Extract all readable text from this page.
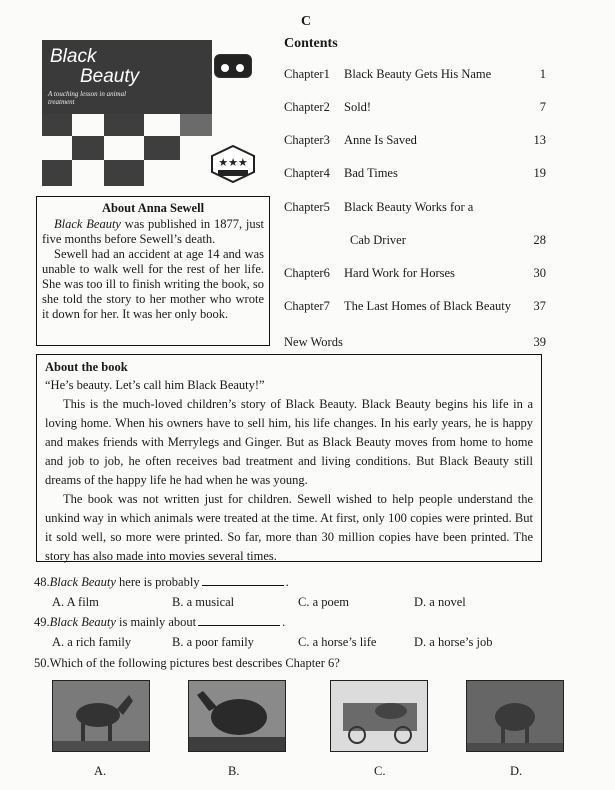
C
Black
Beauty
A touching lesson in animal treatment
★★★
About Anna Sewell

Black Beauty was published in 1877, just five months before Sewell’s death.

Sewell had an accident at age 14 and was unable to walk well for the rest of her life. She was too ill to finish writing the book, so she told the story to her mother who wrote it down for her. It was her only book.

Contents
Chapter1 Black Beauty Gets His Name	1
Chapter2 Sold!	7
Chapter3 Anne Is Saved	13
Chapter4 Bad Times	19
Chapter5 Black Beauty Works for a
Cab Driver	28
Chapter6 Hard Work for Horses	30
Chapter7 The Last Homes of Black Beauty 37
New Words	39
About the book

“He’s beauty. Let’s call him Black Beauty!”

This is the much-loved children’s story of Black Beauty. Black Beauty begins his life in a loving home. When his owners have to sell him, his life changes. In his early years, he is happy and makes friends with Merrylegs and Ginger. But as Black Beauty moves from home to home and job to job, he often receives bad treatment and living conditions. But Black Beauty still dreams of the happy life he had when he was young.

The book was not written just for children. Sewell wished to help people understand the unkind way in which animals were treated at the time. At first, only 100 copies were printed. But it sold well, so more were printed. So far, more than 30 million copies have been printed. The story has also made into movies several times.

48.Black Beauty here is probably	.
A. A film	B. a musical	C. a poem	D. a novel
49.Black Beauty is mainly about	.
A. a rich family	B. a poor family	C. a horse’s life	D. a horse’s job
50.Which of the following pictures best describes Chapter 6?
A.	B.	C.	D.
